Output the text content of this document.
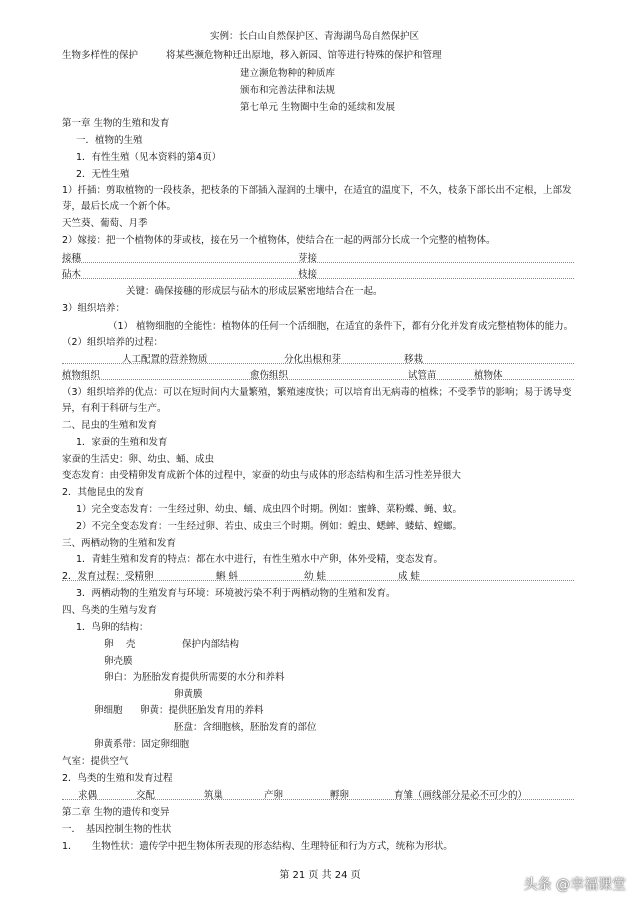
实例：长白山自然保护区、青海湖鸟岛自然保护区
生物多样性的保护	将某些濒危物种迁出原地，移入新园、馆等进行特殊的保护和管理
建立濒危物种的种质库
颁布和完善法律和法规
第七单元 生物圈中生命的延续和发展
第一章 生物的生殖和发育
一．植物的生殖
1．有性生殖（见本资料的第4页）
2．无性生殖
1）扦插：剪取植物的一段枝条，把枝条的下部插入湿润的土壤中，在适宜的温度下，不久，枝条下部长出不定根，上部发
芽，最后长成一个新个体。
天竺葵、葡萄、月季
2）嫁接：把一个植物体的芽或枝，接在另一个植物体，使结合在一起的两部分长成一个完整的植物体。
接穗	芽接
砧木	枝接
关键：确保接穗的形成层与砧木的形成层紧密地结合在一起。
3）组织培养：
（1） 植物细胞的全能性：植物体的任何一个活细胞，在适宜的条件下，都有分化并发育成完整植物体的能力。
（2）组织培养的过程：
人工配置的营养物质	分化出根和芽	移栽
植物组织	愈伤组织	试管苗	植物体
（3）组织培养的优点：可以在短时间内大量繁殖，繁殖速度快；可以培育出无病毒的植株；不受季节的影响；易于诱导变
异，有利于科研与生产。
二、昆虫的生殖和发育
1．家蚕的生殖和发育
家蚕的生活史：卵、幼虫、蛹、成虫
变态发育：由受精卵发育成新个体的过程中，家蚕的幼虫与成体的形态结构和生活习性差异很大
2．其他昆虫的发育
1）完全变态发育：一生经过卵、幼虫、蛹、成虫四个时期。例如：蜜蜂、菜粉蝶、蝇、蚊。
2）不完全变态发育：一生经过卵、若虫、成虫三个时期。例如：蝗虫、蟋蟀、蝼蛄、螳螂。
三、两栖动物的生殖和发育
1．青蛙生殖和发育的特点：都在水中进行，有性生殖水中产卵，体外受精，变态发育。
2．发育过程：受精卵	蝌 蚪	幼 蛙	成 蛙
3．两栖动物的生殖发育与环境：环境被污染不利于两栖动物的生殖和发育。
四、鸟类的生殖与发育
1．鸟卵的结构：
卵　 壳	保护内部结构
卵壳膜
卵白：为胚胎发育提供所需要的水分和养料
卵黄膜
卵细胞 卵黄：提供胚胎发育用的养料
胚盘：含细胞核，胚胎发育的部位
卵黄系带：固定卵细胞
气室：提供空气
2．鸟类的生殖和发育过程
求偶	交配	筑巢	产卵	孵卵	育雏（画线部分是必不可少的）
第二章 生物的遗传和变异
一．　基因控制生物的性状
1．　　生物性状：遗传学中把生物体所表现的形态结构、生理特征和行为方式，统称为形状。
第 21 页 共 24 页
头条 @幸福课堂
